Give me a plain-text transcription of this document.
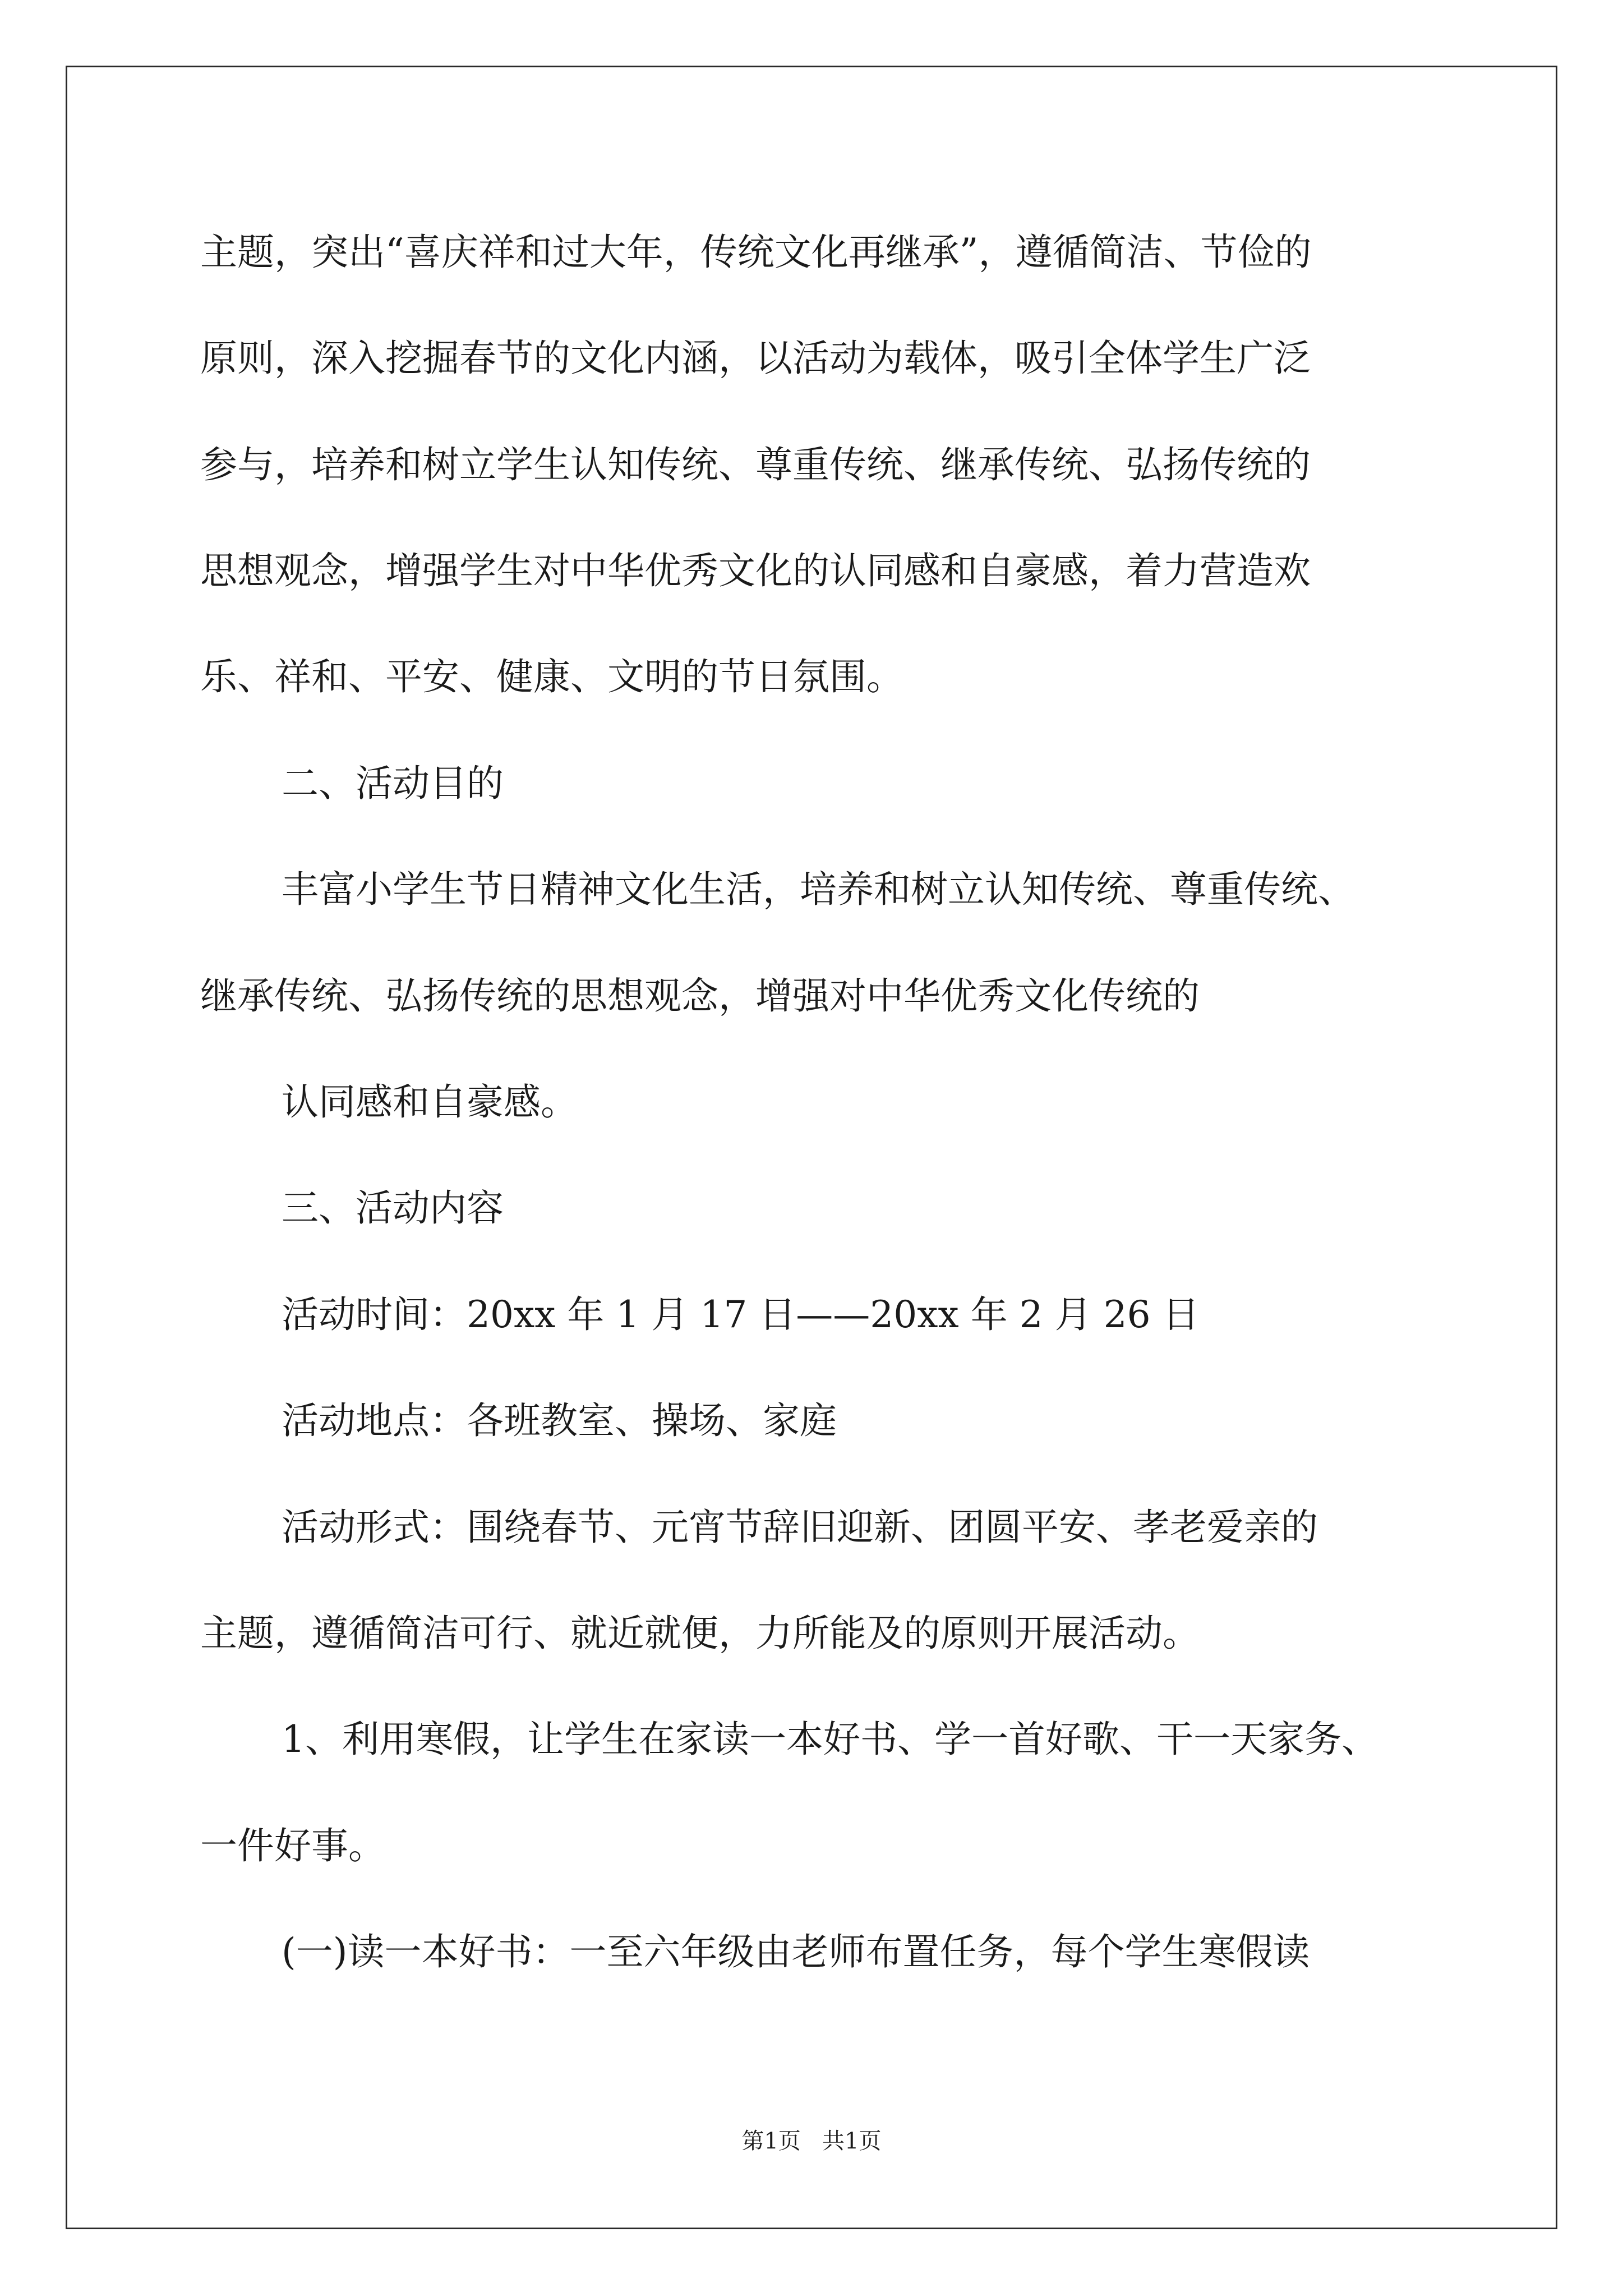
主题，突出“喜庆祥和过大年，传统文化再继承”，遵循简洁、节俭的
原则，深入挖掘春节的文化内涵，以活动为载体，吸引全体学生广泛
参与，培养和树立学生认知传统、尊重传统、继承传统、弘扬传统的
思想观念，增强学生对中华优秀文化的认同感和自豪感，着力营造欢
乐、祥和、平安、健康、文明的节日氛围。
二、活动目的
丰富小学生节日精神文化生活，培养和树立认知传统、尊重传统、
继承传统、弘扬传统的思想观念，增强对中华优秀文化传统的
认同感和自豪感。
三、活动内容
活动时间：20xx 年 1 月 17 日——20xx 年 2 月 26 日
活动地点：各班教室、操场、家庭
活动形式：围绕春节、元宵节辞旧迎新、团圆平安、孝老爱亲的
主题，遵循简洁可行、就近就便，力所能及的原则开展活动。
1、利用寒假，让学生在家读一本好书、学一首好歌、干一天家务、
一件好事。
(一)读一本好书：一至六年级由老师布置任务，每个学生寒假读
第1页   共1页
